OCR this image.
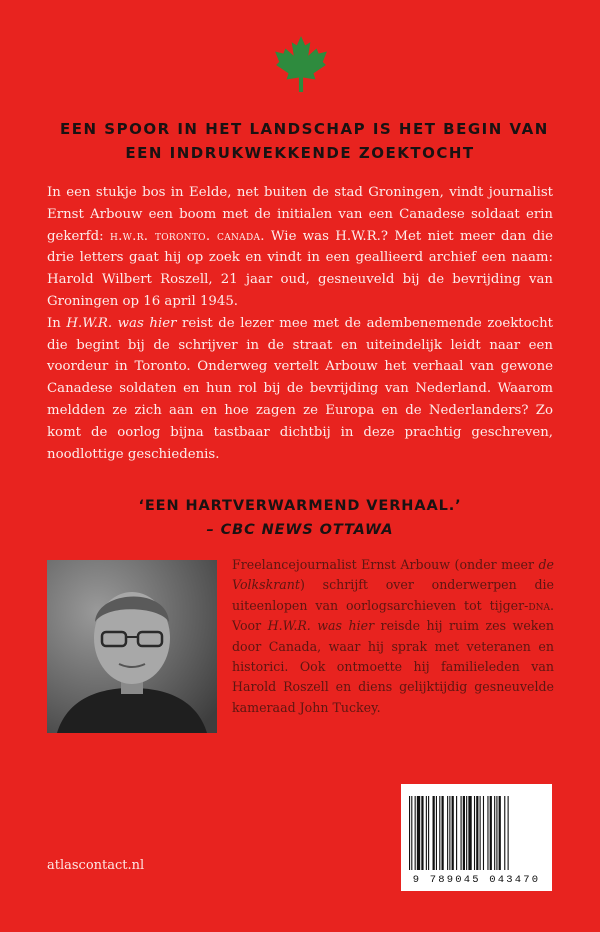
EEN SPOOR IN HET LANDSCHAP IS HET BEGIN VAN
EEN INDRUKWEKKENDE ZOEKTOCHT

In een stukje bos in Eelde, net buiten de stad Groningen, vindt journalist Ernst Arbouw een boom met de initialen van een Canadese soldaat erin gekerfd: h.w.r. toronto. canada. Wie was H.W.R.? Met niet meer dan die drie letters gaat hij op zoek en vindt in een geallieerd archief een naam: Harold Wilbert Roszell, 21 jaar oud, gesneuveld bij de bevrijding van Groningen op 16 april 1945.

In H.W.R. was hier reist de lezer mee met de adembenemende zoektocht die begint bij de schrijver in de straat en uiteindelijk leidt naar een voordeur in Toronto. Onderweg vertelt Arbouw het verhaal van gewone Canadese soldaten en hun rol bij de bevrijding van Nederland. Waarom meldden ze zich aan en hoe zagen ze Europa en de Nederlanders? Zo komt de oorlog bijna tastbaar dichtbij in deze prachtig geschreven, noodlottige geschiedenis.

‘EEN HARTVERWARMEND VERHAAL.’
– CBC NEWS OTTAWA

Freelancejournalist Ernst Arbouw (onder meer de Volkskrant) schrijft over onderwerpen die uiteenlopen van oorlogsarchieven tot tijger-dna. Voor H.W.R. was hier reisde hij ruim zes weken door Canada, waar hij sprak met veteranen en historici. Ook ontmoette hij familieleden van Harold Roszell en diens gelijktijdig gesneuvelde kameraad John Tuckey.

9 789045 043470
atlascontact.nl
